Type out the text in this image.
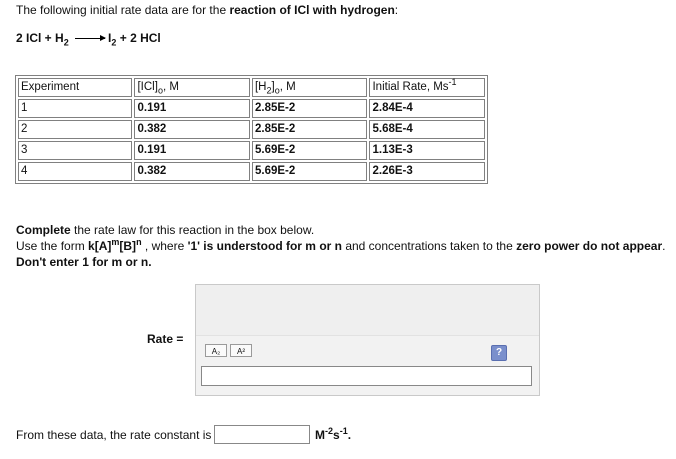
The following initial rate data are for the reaction of ICl with hydrogen:
2 ICl + $H_2 \to I_2 + 2$ HCl
Experiment	$[ICl]_o$, M	$[H_2]_o$, M	Initial Rate, $Ms^{-1}$
1	0.191	2.85E-2	2.84E-4
2	0.382	2.85E-2	5.68E-4
3	0.191	5.69E-2	1.13E-3
4	0.382	5.69E-2	2.26E-3
Complete the rate law for this reaction in the box below.
Use the form $k[A]^m[B]^n$ , where '1' is understood for m or n and concentrations taken to the zero power do not appear.
Don't enter 1 for m or n.
Rate =
A₂	A²	?
From these data, the rate constant is	$M^{-2}s^{-1}$.
